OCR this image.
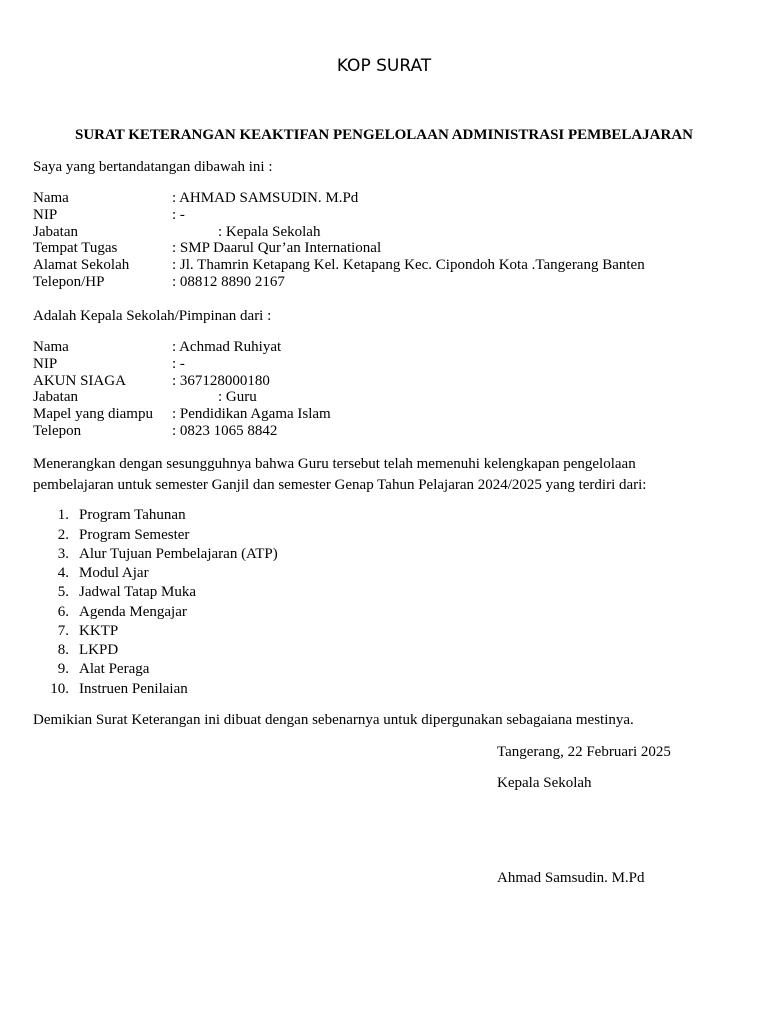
KOP SURAT
SURAT KETERANGAN KEAKTIFAN PENGELOLAAN ADMINISTRASI PEMBELAJARAN
Saya yang bertandatangan dibawah ini :
Nama	: AHMAD SAMSUDIN. M.Pd
NIP	: -
Jabatan	: Kepala Sekolah
Tempat Tugas	: SMP Daarul Qur’an International
Alamat Sekolah	: Jl. Thamrin Ketapang Kel. Ketapang Kec. Cipondoh Kota .Tangerang Banten
Telepon/HP	: 08812 8890 2167
Adalah Kepala Sekolah/Pimpinan dari :
Nama	: Achmad Ruhiyat
NIP	: -
AKUN SIAGA	: 367128000180
Jabatan	: Guru
Mapel yang diampu : Pendidikan Agama Islam
Telepon	: 0823 1065 8842
Menerangkan dengan sesungguhnya bahwa Guru tersebut telah memenuhi kelengkapan pengelolaan
pembelajaran untuk semester Ganjil dan semester Genap Tahun Pelajaran 2024/2025 yang terdiri dari:
1. Program Tahunan
2. Program Semester
3. Alur Tujuan Pembelajaran (ATP)
4. Modul Ajar
5. Jadwal Tatap Muka
6. Agenda Mengajar
7. KKTP
8. LKPD
9. Alat Peraga
10. Instruen Penilaian
Demikian Surat Keterangan ini dibuat dengan sebenarnya untuk dipergunakan sebagaiana mestinya.
Tangerang, 22 Februari 2025
Kepala Sekolah
Ahmad Samsudin. M.Pd
